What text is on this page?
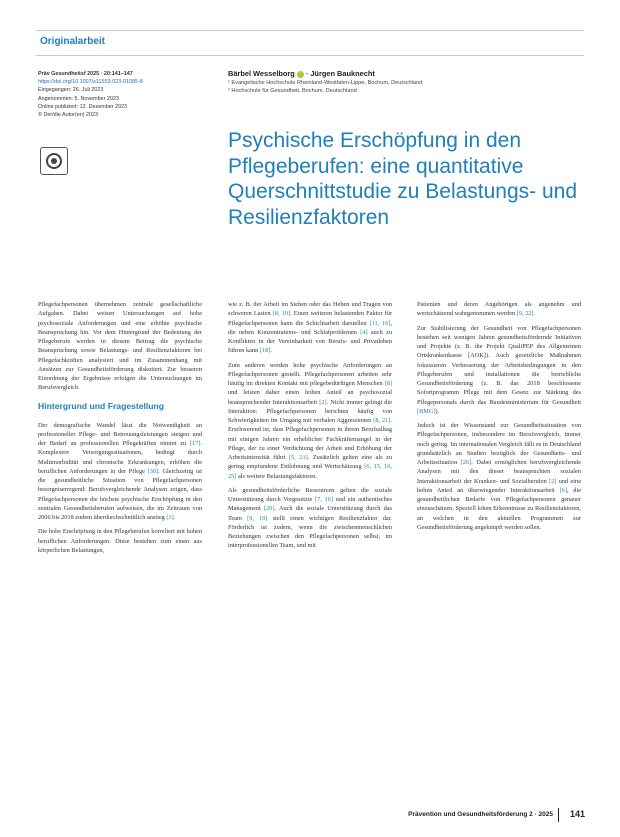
Originalarbeit
Präv Gesundheitsf 2025 · 20:141–147
https://doi.org/10.1007/s11553-023-01085-8
Eingegangen: 26. Juli 2023
Angenommen: 5. November 2023
Online publiziert: 12. Dezember 2023
© Der/die Autor(en) 2023
Bärbel Wesselborg · Jürgen Bauknecht
¹ Evangelische Hochschule Rheinland-Westfalen-Lippe, Bochum, Deutschland
² Hochschule für Gesundheit, Bochum, Deutschland
Psychische Erschöpfung in den Pflegeberufen: eine quantitative Querschnittstudie zu Belastungs- und Resilienzfaktoren

Pflegefachpersonen übernehmen zentrale gesellschaftliche Aufgaben. Dabei weisen Untersuchungen auf hohe psychosoziale Anforderungen und eine erhöhte psychische Beanspruchung hin. Vor dem Hintergrund der Bedeutung der Pflegeberufe werden in diesem Beitrag die psychische Beanspruchung sowie Belastungs- und Resilienzfaktoren bei Pflegefachkräften analysiert und im Zusammenhang mit Ansätzen zur Gesundheitsförderung diskutiert. Zur besseren Einordnung der Ergebnisse erfolgen die Untersuchungen im Berufsvergleich.

Hintergrund und Fragestellung

Der demografische Wandel lässt die Notwendigkeit an professioneller Pflege- und Betreuungsleistungen steigen und der Bedarf an professionellen Pflegekräften nimmt zu [17]. Komplexere Versorgungssituationen, bedingt durch Multimorbidität und chronische Erkrankungen, erhöhen die beruflichen Anforderungen in der Pflege [30]. Gleichzeitig ist die gesundheitliche Situation von Pflegefachpersonen besorgniserregend: Berufsvergleichende Analysen zeigen, dass Pflegefachpersonen die höchste psychische Erschöpfung in den zentralen Gesundheitsberufen aufweisen, die im Zeitraum von 2006 bis 2018 zudem überdurchschnittlich anstieg [3].

Die hohe Erschöpfung in den Pflegeberufen korreliert mit hohen beruflichen Anforderungen. Diese bestehen zum einen aus körperlichen Belastungen,

wie z. B. der Arbeit im Stehen oder das Heben und Tragen von schweren Lasten [8, 10]. Einen weiteren belastenden Faktor für Pflegefachpersonen kann die Schichtarbeit darstellen [11, 16], die neben Konzentrations- und Schlafproblemen [4] auch zu Konflikten in der Vereinbarkeit von Berufs- und Privatleben führen kann [18].

Zum anderen werden hohe psychische Anforderungen an Pflegefachpersonen gestellt. Pflegefachpersonen arbeiten sehr häufig im direkten Kontakt mit pflegebedürftigen Menschen [8] und leisten daher einen hohen Anteil an psychosozial beanspruchender Interaktionsarbeit [2]. Nicht immer gelingt die Interaktion: Pflegefachpersonen berichten häufig von Schwierigkeiten im Umgang mit verbalen Aggressionen [8, 21]. Erschwerend ist, dass Pflegefachpersonen in ihrem Berufsalltag mit einigen Jahren ein erheblicher Fachkräftemangel in der Pflege, der zu einer Verdichtung der Arbeit und Erhöhung der Arbeitsintensität führt [5, 21]. Zusätzlich gelten eine als zu gering empfundene Entlohnung und Wertschätzung [6, 15, 16, 25] als weitere Belastungsfaktoren.

Als gesundheitsförderliche Ressourcen gelten die soziale Unterstützung durch Vorgesetzte [7, 10] und ein authentisches Management [20]. Auch die soziale Unterstützung durch das Team [9, 10] stellt einen wichtigen Resilienzfaktor dar. Förderlich ist zudem, wenn die zwischenmenschlichen Beziehungen zwischen den Pflegefachpersonen selbst, im interprofessionellen Team, und mit

Patienten und deren Angehörigen als angenehm und wertschätzend wahrgenommen werden [9, 22].

Zur Stabilisierung der Gesundheit von Pflegefachpersonen bestehen seit wenigen Jahren gesundheitsfördernde Initiativen und Projekte (z. B. die Projekt QualiPEP des Allgemeinen Ortskrankenkasse [AOK]). Auch gesetzliche Maßnahmen fokussieren Verbesserung der Arbeitsbedingungen in den Pflegeberufen und installationen die betriebliche Gesundheitsförderung (z. B. das 2018 beschlossene Sofortprogramm Pflege mit dem Gesetz zur Stärkung des Pflegepersonals durch das Bundesministerium für Gesundheit [BMG]).

Jedoch ist der Wissenstand zur Gesundheitssituation von Pflegefachpersonen, insbesondere im Berufsvergleich, immer noch gering. Im internationalen Vergleich fällt es in Deutschland grundsätzlich an Studien bezüglich der Gesundheits- und Arbeitssituation [26]. Dabei ermöglichen berufsvergleichende Analysen mit den dieser beanspruchten sozialen Interaktionsarbeit der Kranken- und Sozialberufen [2] und eine hohen Anteil an überwiegender Interaktionsarbeit [6], die gesundheitlichen Bedarfe von Pflegefachpersonen genauer einzuschätzen. Speziell lohen Erkenntnisse zu Resilienzfaktoren, an welchen in den aktuellen Programmen zur Gesundheitsförderung angeknüpft werden sollen.

Prävention und Gesundheitsförderung 2 · 2025 141
